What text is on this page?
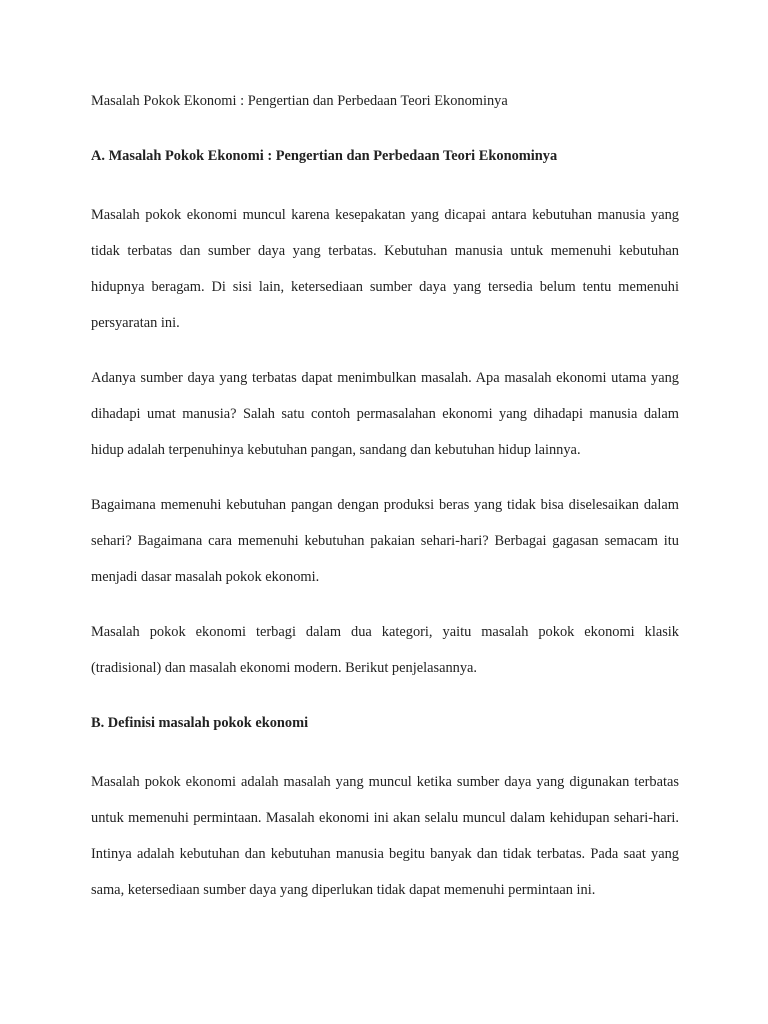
Masalah Pokok Ekonomi : Pengertian dan Perbedaan Teori Ekonominya

A. Masalah Pokok Ekonomi : Pengertian dan Perbedaan Teori Ekonominya

Masalah pokok ekonomi muncul karena kesepakatan yang dicapai antara kebutuhan manusia yang tidak terbatas dan sumber daya yang terbatas. Kebutuhan manusia untuk memenuhi kebutuhan hidupnya beragam. Di sisi lain, ketersediaan sumber daya yang tersedia belum tentu memenuhi persyaratan ini.

Adanya sumber daya yang terbatas dapat menimbulkan masalah. Apa masalah ekonomi utama yang dihadapi umat manusia? Salah satu contoh permasalahan ekonomi yang dihadapi manusia dalam hidup adalah terpenuhinya kebutuhan pangan, sandang dan kebutuhan hidup lainnya.

Bagaimana memenuhi kebutuhan pangan dengan produksi beras yang tidak bisa diselesaikan dalam sehari? Bagaimana cara memenuhi kebutuhan pakaian sehari-hari? Berbagai gagasan semacam itu menjadi dasar masalah pokok ekonomi.

Masalah pokok ekonomi terbagi dalam dua kategori, yaitu masalah pokok ekonomi klasik (tradisional) dan masalah ekonomi modern. Berikut penjelasannya.

B. Definisi masalah pokok ekonomi

Masalah pokok ekonomi adalah masalah yang muncul ketika sumber daya yang digunakan terbatas untuk memenuhi permintaan. Masalah ekonomi ini akan selalu muncul dalam kehidupan sehari-hari. Intinya adalah kebutuhan dan kebutuhan manusia begitu banyak dan tidak terbatas. Pada saat yang sama, ketersediaan sumber daya yang diperlukan tidak dapat memenuhi permintaan ini.
